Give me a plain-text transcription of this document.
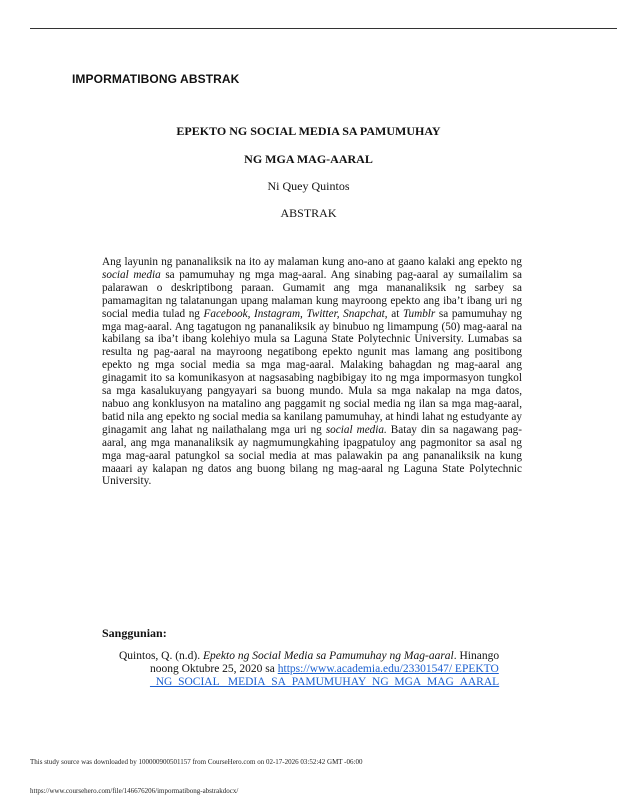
IMPORMATIBONG ABSTRAK
EPEKTO NG SOCIAL MEDIA SA PAMUMUHAY
NG MGA MAG-AARAL
Ni Quey Quintos
ABSTRAK

Ang layunin ng pananaliksik na ito ay malaman kung ano-ano at gaano kalaki ang epekto ng social media sa pamumuhay ng mga mag-aaral. Ang sinabing pag-aaral ay sumailalim sa palarawan o deskriptibong paraan. Gumamit ang mga mananaliksik ng sarbey sa pamamagitan ng talatanungan upang malaman kung mayroong epekto ang iba’t ibang uri ng social media tulad ng Facebook, Instagram, Twitter, Snapchat, at Tumblr sa pamumuhay ng mga mag-aaral. Ang tagatugon ng pananaliksik ay binubuo ng limampung (50) mag-aaral na kabilang sa iba’t ibang kolehiyo mula sa Laguna State Polytechnic University. Lumabas sa resulta ng pag-aaral na mayroong negatibong epekto ngunit mas lamang ang positibong epekto ng mga social media sa mga mag-aaral. Malaking bahagdan ng mag-aaral ang ginagamit ito sa komunikasyon at nagsasabing nagbibigay ito ng mga impormasyon tungkol sa mga kasalukuyang pangyayari sa buong mundo. Mula sa mga nakalap na mga datos, nabuo ang konklusyon na matalino ang paggamit ng social media ng ilan sa mga mag-aaral, batid nila ang epekto ng social media sa kanilang pamumuhay, at hindi lahat ng estudyante ay ginagamit ang lahat ng nailathalang mga uri ng social media. Batay din sa nagawang pag-aaral, ang mga mananaliksik ay nagmumungkahing ipagpatuloy ang pagmonitor sa asal ng mga mag-aaral patungkol sa social media at mas palawakin pa ang pananaliksik na kung maaari ay kalapan ng datos ang buong bilang ng mag-aaral ng Laguna State Polytechnic University.

Sanggunian:
Quintos, Q. (n.d). Epekto ng Social Media sa Pamumuhay ng Mag-aaral. Hinango noong Oktubre 25, 2020 sa https://www.academia.edu/23301547/ EPEKTO _NG_SOCIAL _MEDIA_SA_PAMUMUHAY_NG_MGA_MAG_AARAL
This study source was downloaded by 100000900501157 from CourseHero.com on 02-17-2026 03:52:42 GMT -06:00
https://www.coursehero.com/file/146676206/impormatibong-abstrakdocx/
